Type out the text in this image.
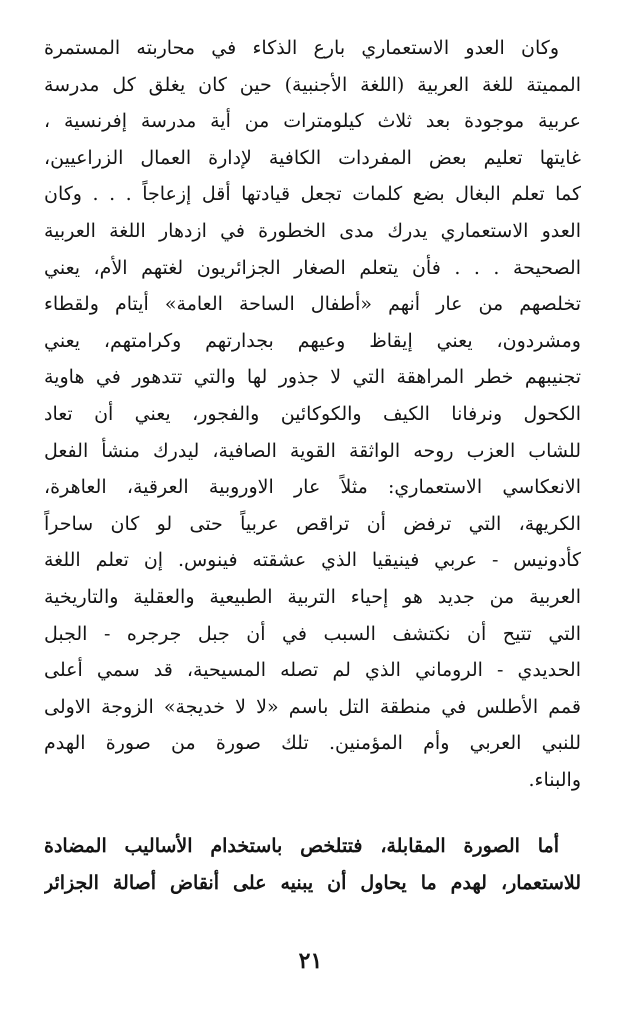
وكان العدو الاستعماري بارع الذكاء في محاربته المستمرة
المميتة للغة العربية (اللغة الأجنبية) حين كان يغلق كل مدرسة
عربية موجودة بعد ثلاث كيلومترات من أية مدرسة إفرنسية ،
غايتها تعليم بعض المفردات الكافية لإدارة العمال الزراعيين،
كما تعلم البغال بضع كلمات تجعل قيادتها أقل إزعاجاً . . . وكان
العدو الاستعماري يدرك مدى الخطورة في ازدهار اللغة العربية
الصحيحة . . . فأن يتعلم الصغار الجزائريون لغتهم الأم، يعني
تخلصهم من عار أنهم «أطفال الساحة العامة» أيتام ولقطاء
ومشردون، يعني إيقاظ وعيهم بجدارتهم وكرامتهم، يعني
تجنيبهم خطر المراهقة التي لا جذور لها والتي تتدهور في هاوية
الكحول ونرفانا الكيف والكوكائين والفجور، يعني أن تعاد
للشاب العزب روحه الواثقة القوية الصافية، ليدرك منشأ الفعل
الانعكاسي الاستعماري: مثلاً عار الاوروبية العرقية، العاهرة،
الكريهة، التي ترفض أن تراقص عربياً حتى لو كان ساحراً
كأدونيس - عربي فينيقيا الذي عشقته فينوس. إن تعلم اللغة
العربية من جديد هو إحياء التربية الطبيعية والعقلية والتاريخية
التي تتيح أن نكتشف السبب في أن جبل جرجره - الجبل
الحديدي - الروماني الذي لم تصله المسيحية، قد سمي أعلى
قمم الأطلس في منطقة التل باسم «لا لا خديجة» الزوجة الاولى
للنبي العربي وأم المؤمنين. تلك صورة من صورة الهدم
والبناء.
أما الصورة المقابلة، فتتلخص باستخدام الأساليب المضادة
للاستعمار، لهدم ما يحاول أن يبنيه على أنقاض أصالة الجزائر
٢١
